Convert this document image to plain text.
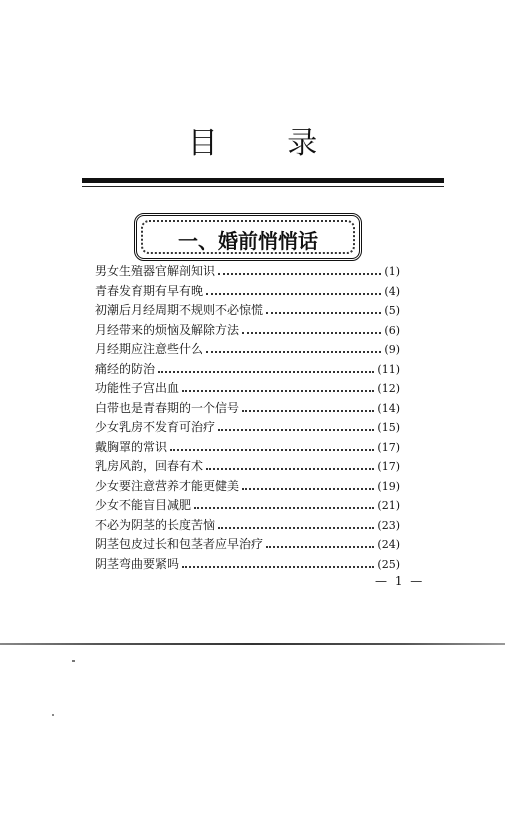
目 录
一、婚前悄悄话
男女生殖器官解剖知识	(1)
青春发育期有早有晚	(4)
初潮后月经周期不规则不必惊慌	(5)
月经带来的烦恼及解除方法	(6)
月经期应注意些什么	(9)
痛经的防治	(11)
功能性子宫出血	(12)
白带也是青春期的一个信号	(14)
少女乳房不发育可治疗	(15)
戴胸罩的常识	(17)
乳房风韵，回春有术	(17)
少女要注意营养才能更健美	(19)
少女不能盲目减肥	(21)
不必为阴茎的长度苦恼	(23)
阴茎包皮过长和包茎者应早治疗	(24)
阴茎弯曲要紧吗	(25)
— 1 —
